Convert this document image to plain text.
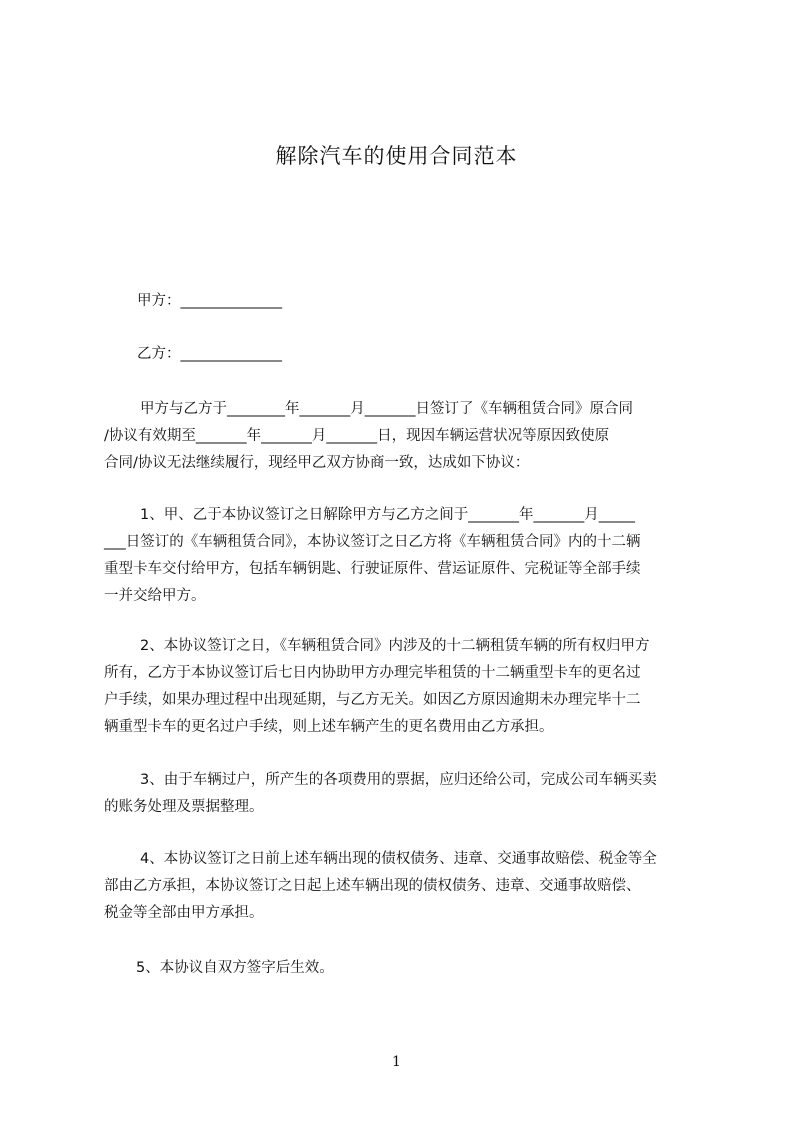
解除汽车的使用合同范本
甲方：______________
乙方：______________
甲方与乙方于________年_______月_______日签订了《车辆租赁合同》原合同
/协议有效期至_______年_______月_______日，现因车辆运营状况等原因致使原
合同/协议无法继续履行，现经甲乙双方协商一致，达成如下协议：
1、甲、乙于本协议签订之日解除甲方与乙方之间于_______年_______月_____
___日签订的《车辆租赁合同》，本协议签订之日乙方将《车辆租赁合同》内的十二辆
重型卡车交付给甲方，包括车辆钥匙、行驶证原件、营运证原件、完税证等全部手续
一并交给甲方。
2、本协议签订之日，《车辆租赁合同》内涉及的十二辆租赁车辆的所有权归甲方
所有，乙方于本协议签订后七日内协助甲方办理完毕租赁的十二辆重型卡车的更名过
户手续，如果办理过程中出现延期，与乙方无关。如因乙方原因逾期未办理完毕十二
辆重型卡车的更名过户手续，则上述车辆产生的更名费用由乙方承担。
3、由于车辆过户，所产生的各项费用的票据，应归还给公司，完成公司车辆买卖
的账务处理及票据整理。
4、本协议签订之日前上述车辆出现的债权债务、违章、交通事故赔偿、税金等全
部由乙方承担，本协议签订之日起上述车辆出现的债权债务、违章、交通事故赔偿、
税金等全部由甲方承担。
5、本协议自双方签字后生效。
1
